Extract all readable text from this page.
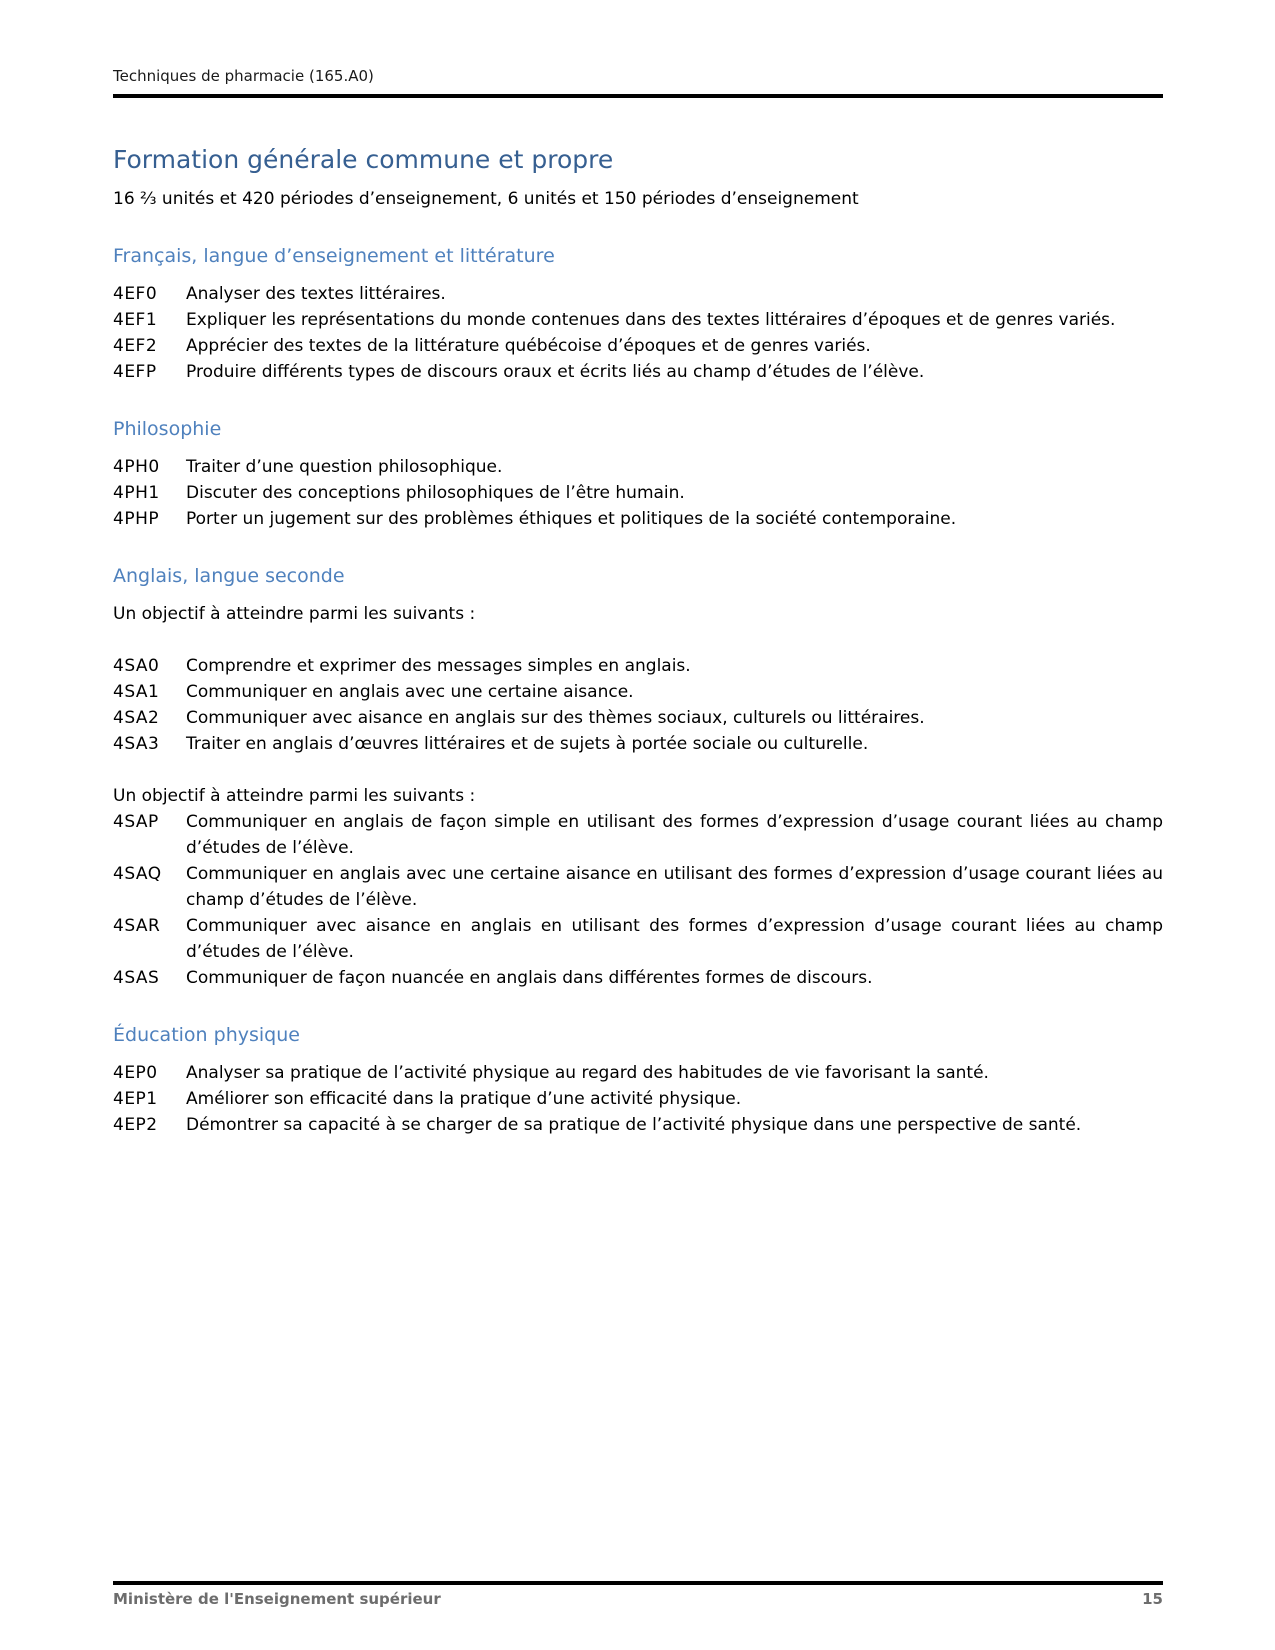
Techniques de pharmacie (165.A0)
Formation générale commune et propre

16 ⅔ unités et 420 périodes d’enseignement, 6 unités et 150 périodes d’enseignement

Français, langue d’enseignement et littérature
4EF0	Analyser des textes littéraires.
4EF1	Expliquer les représentations du monde contenues dans des textes littéraires d’époques et de genres variés.
4EF2	Apprécier des textes de la littérature québécoise d’époques et de genres variés.
4EFP	Produire différents types de discours oraux et écrits liés au champ d’études de l’élève.
Philosophie
4PH0	Traiter d’une question philosophique.
4PH1	Discuter des conceptions philosophiques de l’être humain.
4PHP	Porter un jugement sur des problèmes éthiques et politiques de la société contemporaine.
Anglais, langue seconde

Un objectif à atteindre parmi les suivants :

4SA0	Comprendre et exprimer des messages simples en anglais.
4SA1	Communiquer en anglais avec une certaine aisance.
4SA2	Communiquer avec aisance en anglais sur des thèmes sociaux, culturels ou littéraires.
4SA3	Traiter en anglais d’œuvres littéraires et de sujets à portée sociale ou culturelle.

Un objectif à atteindre parmi les suivants :

4SAP	Communiquer en anglais de façon simple en utilisant des formes d’expression d’usage courant liées au champ d’études de l’élève.
4SAQ	Communiquer en anglais avec une certaine aisance en utilisant des formes d’expression d’usage courant liées au champ d’études de l’élève.
4SAR	Communiquer avec aisance en anglais en utilisant des formes d’expression d’usage courant liées au champ d’études de l’élève.
4SAS	Communiquer de façon nuancée en anglais dans différentes formes de discours.
Éducation physique
4EP0	Analyser sa pratique de l’activité physique au regard des habitudes de vie favorisant la santé.
4EP1	Améliorer son efficacité dans la pratique d’une activité physique.
4EP2	Démontrer sa capacité à se charger de sa pratique de l’activité physique dans une perspective de santé.
Ministère de l'Enseignement supérieur	15
